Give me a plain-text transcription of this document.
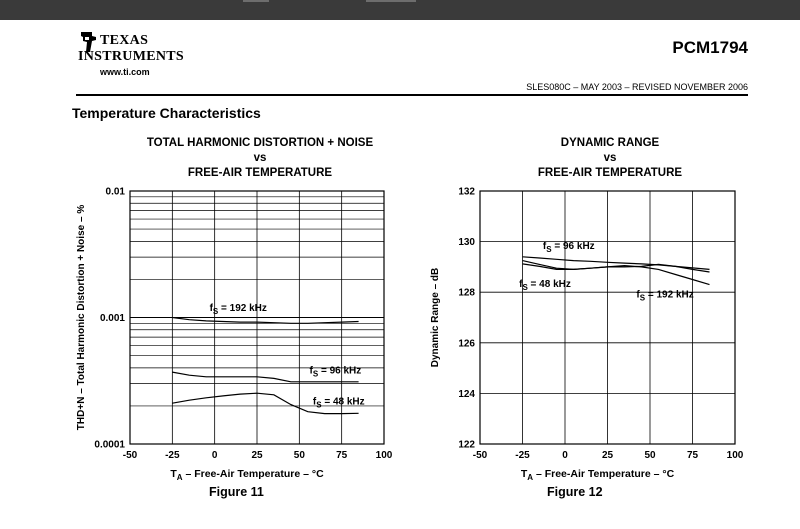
TEXAS
INSTRUMENTS
www.ti.com
PCM1794
SLES080C – MAY 2003 – REVISED NOVEMBER 2006
Temperature Characteristics
TOTAL HARMONIC DISTORTION + NOISE
vs
FREE-AIR TEMPERATURE
DYNAMIC RANGE
vs
FREE-AIR TEMPERATURE
0.0001
0.001
0.01
-50	-25	0	25	50	75	100
$f_S = 192$ kHz
$f_S = 96$ kHz
$f_S = 48$ kHz
$T_A$ – Free-Air Temperature – °C
THD+N – Total Harmonic Distortion + Noise – %
122
124
126
128
130
132
-50	-25	0	25	50	75	100
$f_S = 96$ kHz
$f_S = 48$ kHz
$f_S = 192$ kHz
$T_A$ – Free-Air Temperature – °C
Dynamic Range – dB
Figure 11	Figure 12
